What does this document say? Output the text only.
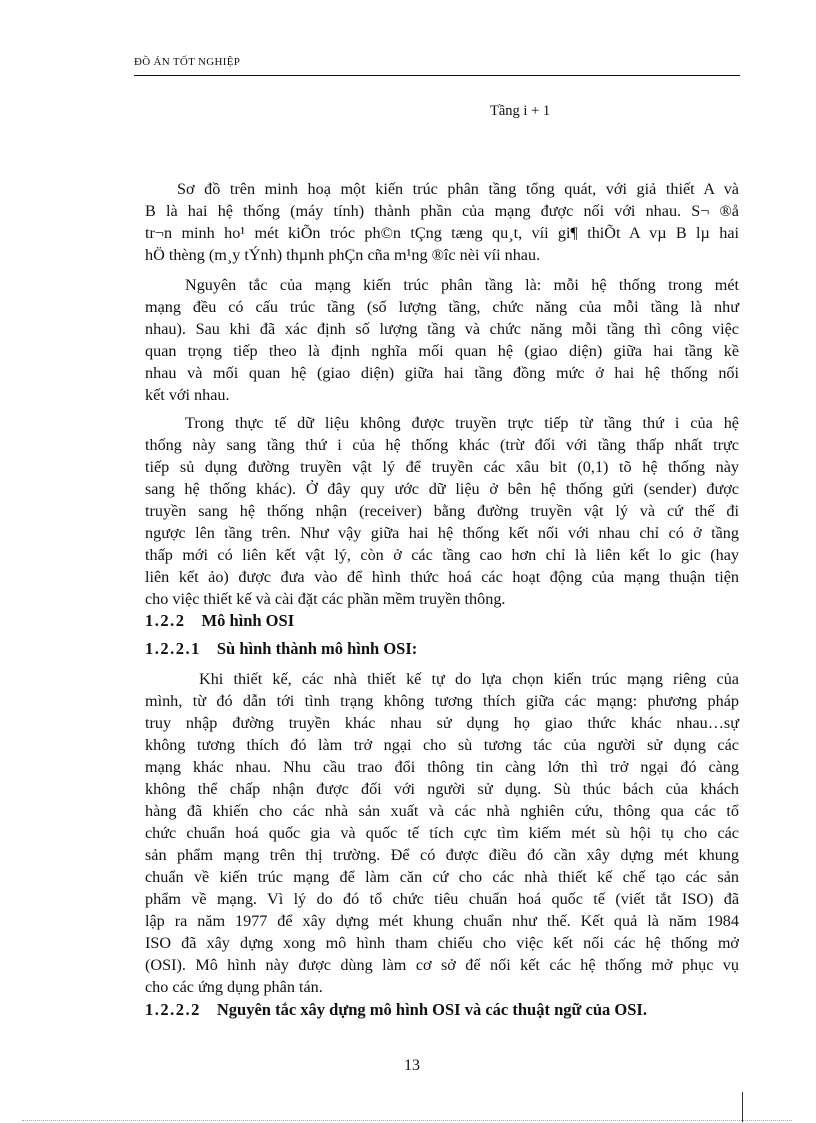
ĐỒ ÁN TỐT NGHIỆP
Tầng i + 1
Sơ đồ trên minh hoạ một kiến trúc phân tầng tổng quát, với giả thiết A và
B là hai hệ thống (máy tính) thành phần của mạng được nối với nhau. S¬ ®å
tr¬n minh ho¹ mét kiÕn tróc ph©n tÇng tæng qu¸t, víi gi¶ thiÕt A vµ B lµ hai
hÖ thèng (m¸y tÝnh) thµnh phÇn cña m¹ng ®îc nèi víi nhau.
Nguyên tắc của mạng kiến trúc phân tầng là: mỗi hệ thống trong mét
mạng đều có cấu trúc tầng (số lượng tầng, chức năng của mỗi tầng là như
nhau). Sau khi đã xác định số lượng tầng và chức năng mỗi tầng thì công việc
quan trọng tiếp theo là định nghĩa mối quan hệ (giao diện) giữa hai tầng kề
nhau và mối quan hệ (giao diện) giữa hai tầng đồng mức ở hai hệ thống nối
kết với nhau.
Trong thực tế dữ liệu không được truyền trực tiếp từ tầng thứ i của hệ
thống này sang tầng thứ i của hệ thống khác (trừ đối với tầng thấp nhất trực
tiếp sủ dụng đường truyền vật lý để truyền các xâu bit (0,1) tõ hệ thống này
sang hệ thống khác). Ở đây quy ước dữ liệu ở bên hệ thống gửi (sender) được
truyền sang hệ thống nhận (receiver) bằng đường truyền vật lý và cứ thế đi
ngược lên tầng trên. Như vậy giữa hai hệ thống kết nối với nhau chỉ có ở tầng
thấp mới có liên kết vật lý, còn ở các tầng cao hơn chỉ là liên kết lo gic (hay
liên kết ảo) được đưa vào để hình thức hoá các hoạt động của mạng thuận tiện
cho việc thiết kế và cài đặt các phần mềm truyền thông.
1.2.2 Mô hình OSI
1.2.2.1 Sù hình thành mô hình OSI:
Khi thiết kế, các nhà thiết kế tự do lựa chọn kiến trúc mạng riêng của
mình, từ đó dẫn tới tình trạng không tương thích giữa các mạng: phương pháp
truy nhập đường truyền khác nhau sử dụng họ giao thức khác nhau…sự
không tương thích đó làm trở ngại cho sù tương tác của người sử dụng các
mạng khác nhau. Nhu cầu trao đổi thông tin càng lớn thì trở ngại đó càng
không thể chấp nhận được đối với người sử dụng. Sù thúc bách của khách
hàng đã khiến cho các nhà sản xuất và các nhà nghiên cứu, thông qua các tổ
chức chuẩn hoá quốc gia và quốc tế tích cực tìm kiếm mét sù hội tụ cho các
sản phẩm mạng trên thị trường. Để có được điều đó cần xây dựng mét khung
chuẩn về kiến trúc mạng để làm căn cứ cho các nhà thiết kế chế tạo các sản
phẩm về mạng. Vì lý do đó tổ chức tiêu chuẩn hoá quốc tế (viết tắt ISO) đã
lập ra năm 1977 để xây dựng mét khung chuẩn như thế. Kết quả là năm 1984
ISO đã xây dựng xong mô hình tham chiếu cho việc kết nối các hệ thống mở
(OSI). Mô hình này được dùng làm cơ sở để nối kết các hệ thống mở phục vụ
cho các ứng dụng phân tán.
1.2.2.2 Nguyên tắc xây dựng mô hình OSI và các thuật ngữ của OSI.
13
